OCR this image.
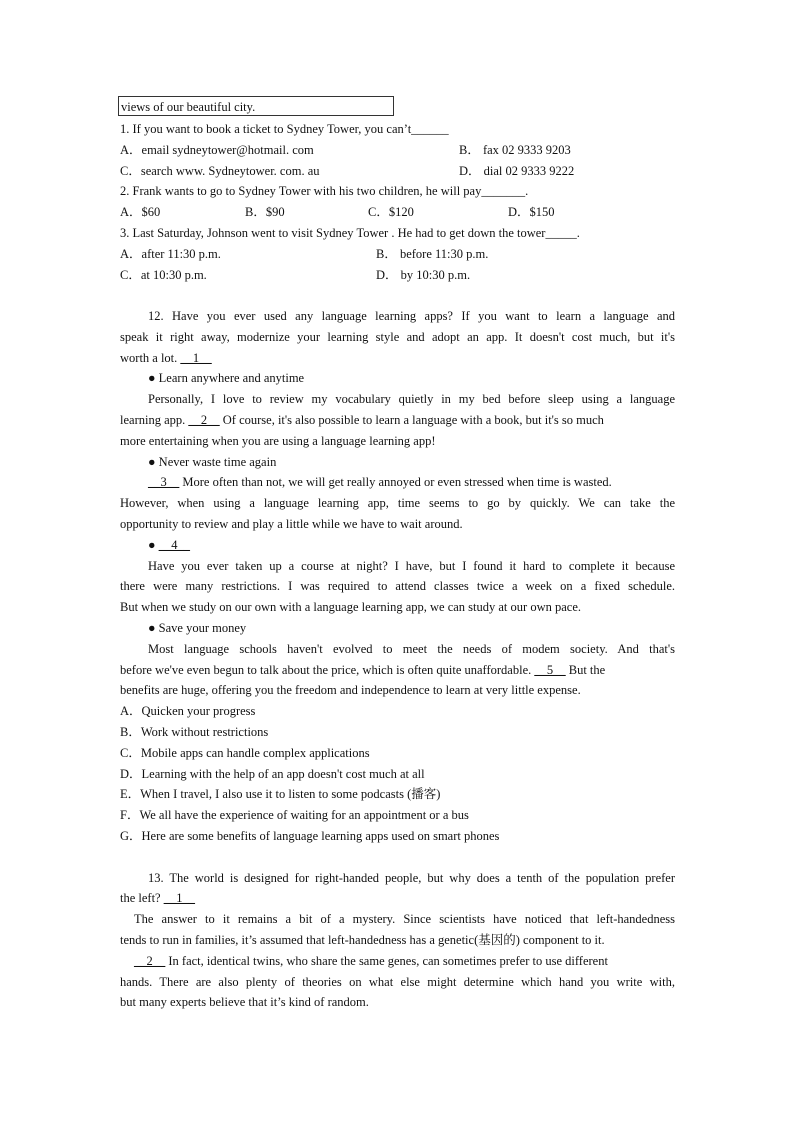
views of our beautiful city.
1. If you want to book a ticket to Sydney Tower, you can’t______
A．email sydneytower@hotmail. com	B． fax 02 9333 9203
C．search www. Sydneytower. com. au	D． dial 02 9333 9222
2. Frank wants to go to Sydney Tower with his two children, he will pay_______.
A．$60	B．$90	C．$120	D．$150
3. Last Saturday, Johnson went to visit Sydney Tower . He had to get down the tower_____.
A．after 11:30 p.m.	B． before 11:30 p.m.
C．at 10:30 p.m.	D． by 10:30 p.m.
12. Have you ever used any language learning apps? If you want to learn a language and
speak it right away, modernize your learning style and adopt an app. It doesn't cost much, but it's
worth a lot. __1__
● Learn anywhere and anytime
Personally, I love to review my vocabulary quietly in my bed before sleep using a language
learning app. __2__ Of course, it's also possible to learn a language with a book, but it's so much
more entertaining when you are using a language learning app!
● Never waste time again
__3__ More often than not, we will get really annoyed or even stressed when time is wasted.
However, when using a language learning app, time seems to go by quickly. We can take the
opportunity to review and play a little while we have to wait around.
● __4__
Have you ever taken up a course at night? I have, but I found it hard to complete it because
there were many restrictions. I was required to attend classes twice a week on a fixed schedule.
But when we study on our own with a language learning app, we can study at our own pace.
● Save your money
Most language schools haven't evolved to meet the needs of modem society. And that's
before we've even begun to talk about the price, which is often quite unaffordable. __5__ But the
benefits are huge, offering you the freedom and independence to learn at very little expense.
A．Quicken your progress
B．Work without restrictions
C．Mobile apps can handle complex applications
D．Learning with the help of an app doesn't cost much at all
E．When I travel, I also use it to listen to some podcasts (播客)
F．We all have the experience of waiting for an appointment or a bus
G．Here are some benefits of language learning apps used on smart phones
13. The world is designed for right-handed people, but why does a tenth of the population prefer
the left? __1__
The answer to it remains a bit of a mystery. Since scientists have noticed that left-handedness
tends to run in families, it’s assumed that left-handedness has a genetic(基因的) component to it.
__2__ In fact, identical twins, who share the same genes, can sometimes prefer to use different
hands. There are also plenty of theories on what else might determine which hand you write with,
but many experts believe that it’s kind of random.
